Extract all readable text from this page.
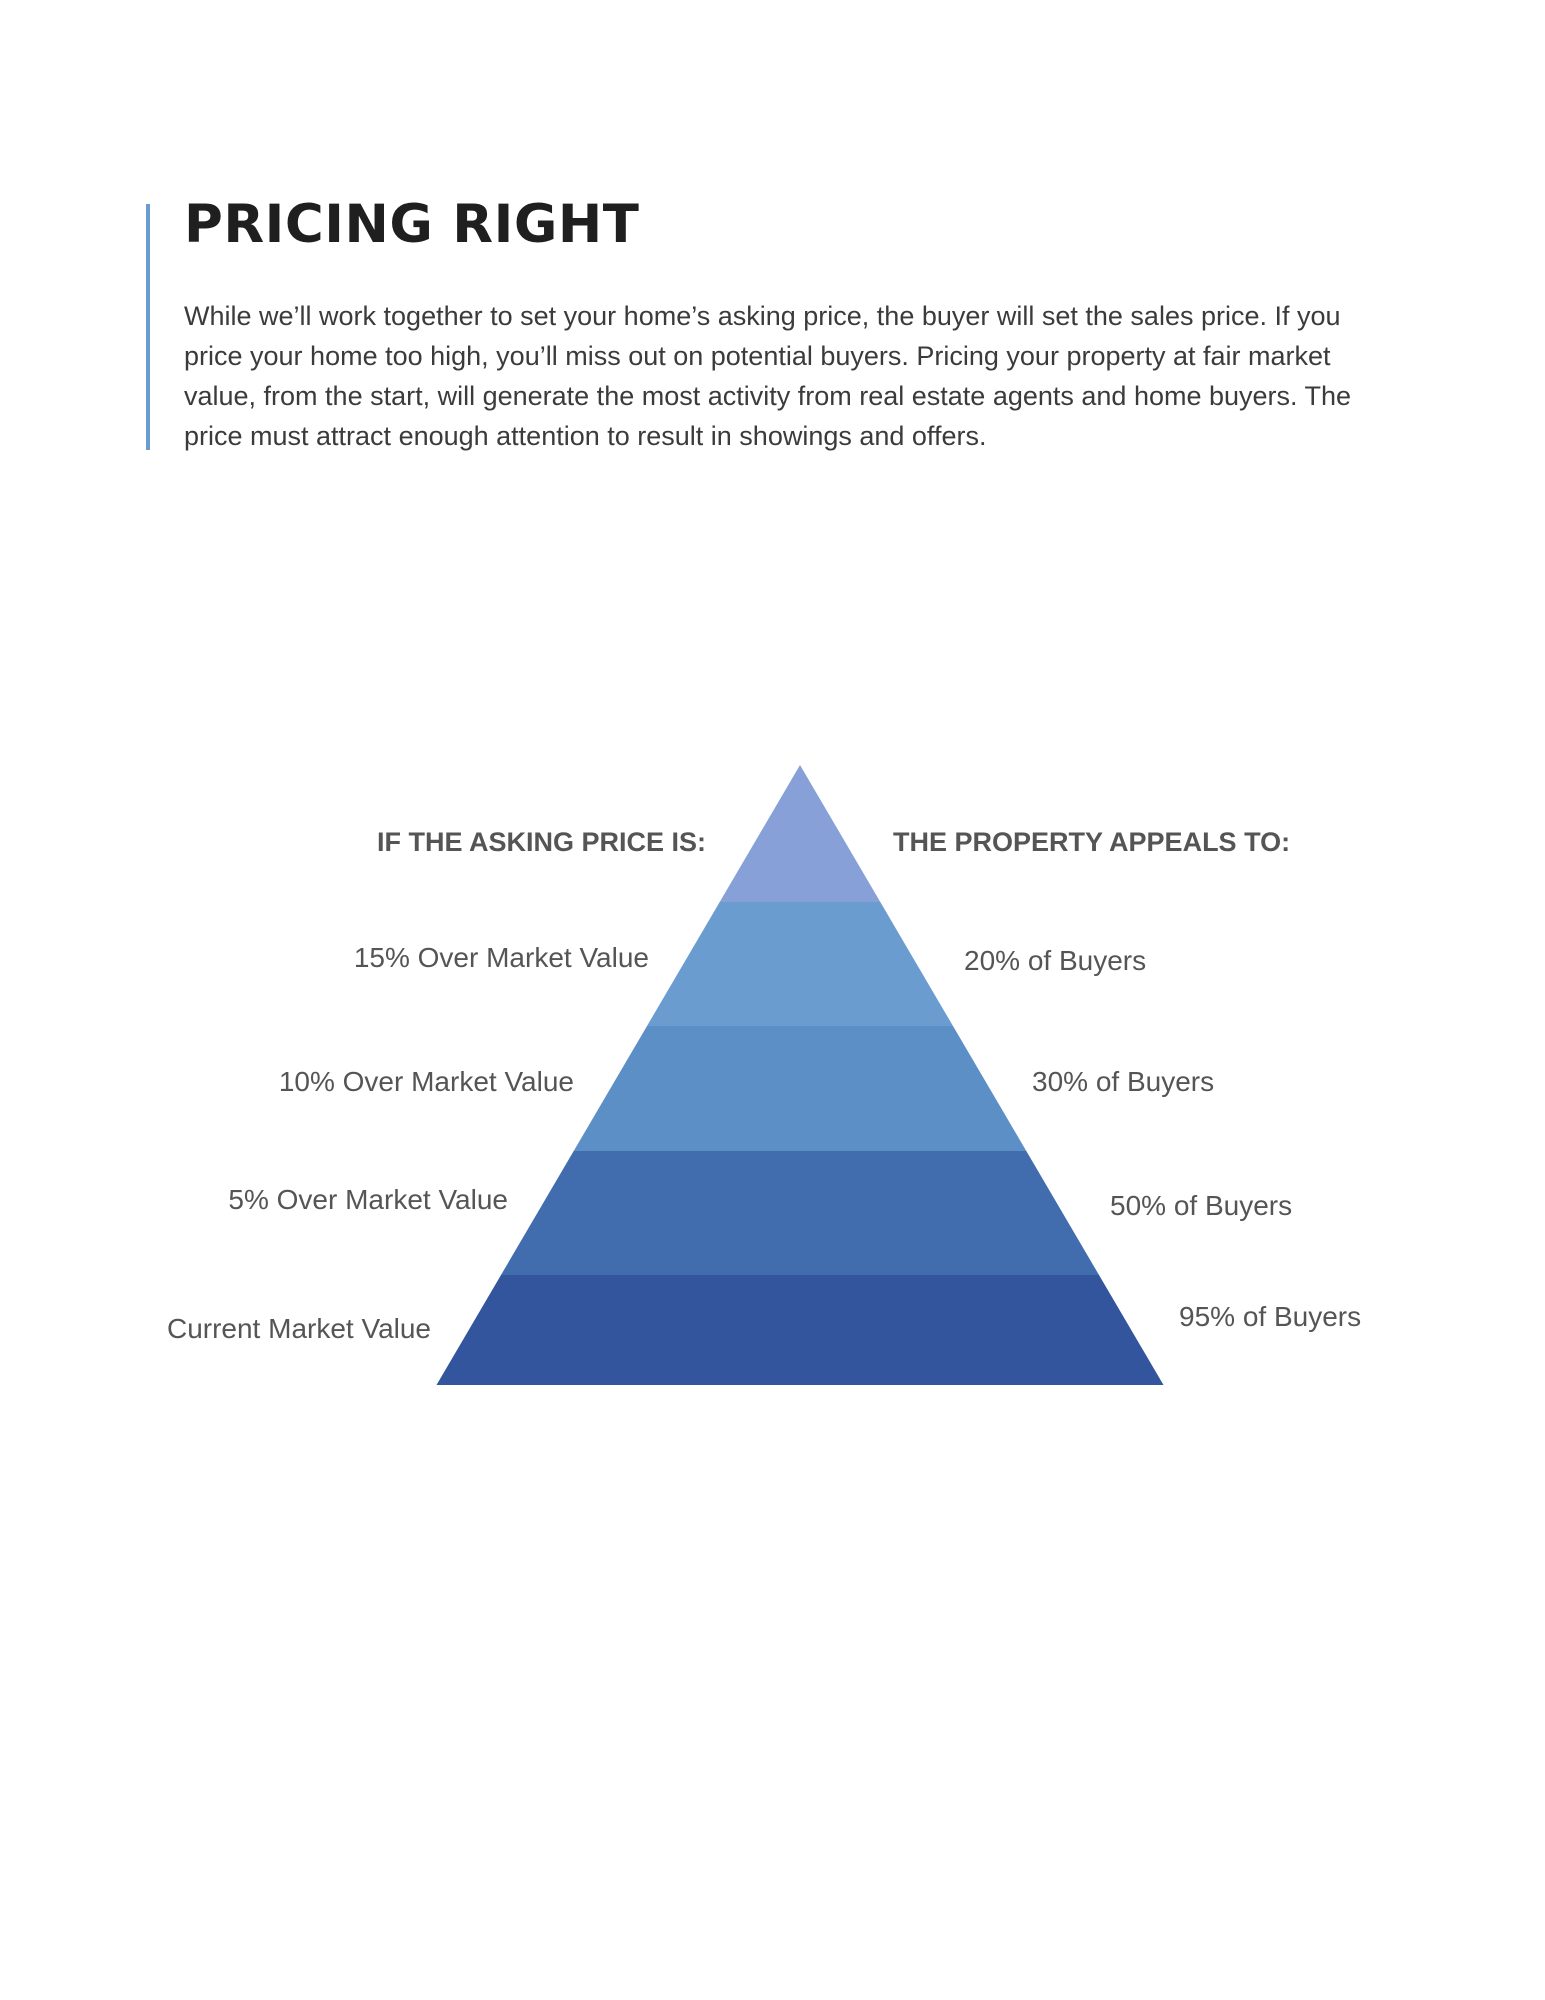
PRICING RIGHT

While we’ll work together to set your home’s asking price, the buyer will set the sales price. If you price your home too high, you’ll miss out on potential buyers. Pricing your property at fair market value, from the start, will generate the most activity from real estate agents and home buyers. The price must attract enough attention to result in showings and offers.

IF THE ASKING PRICE IS:	THE PROPERTY APPEALS TO:
15% Over Market Value	20% of Buyers
10% Over Market Value	30% of Buyers
5% Over Market Value	50% of Buyers
Current Market Value	95% of Buyers
